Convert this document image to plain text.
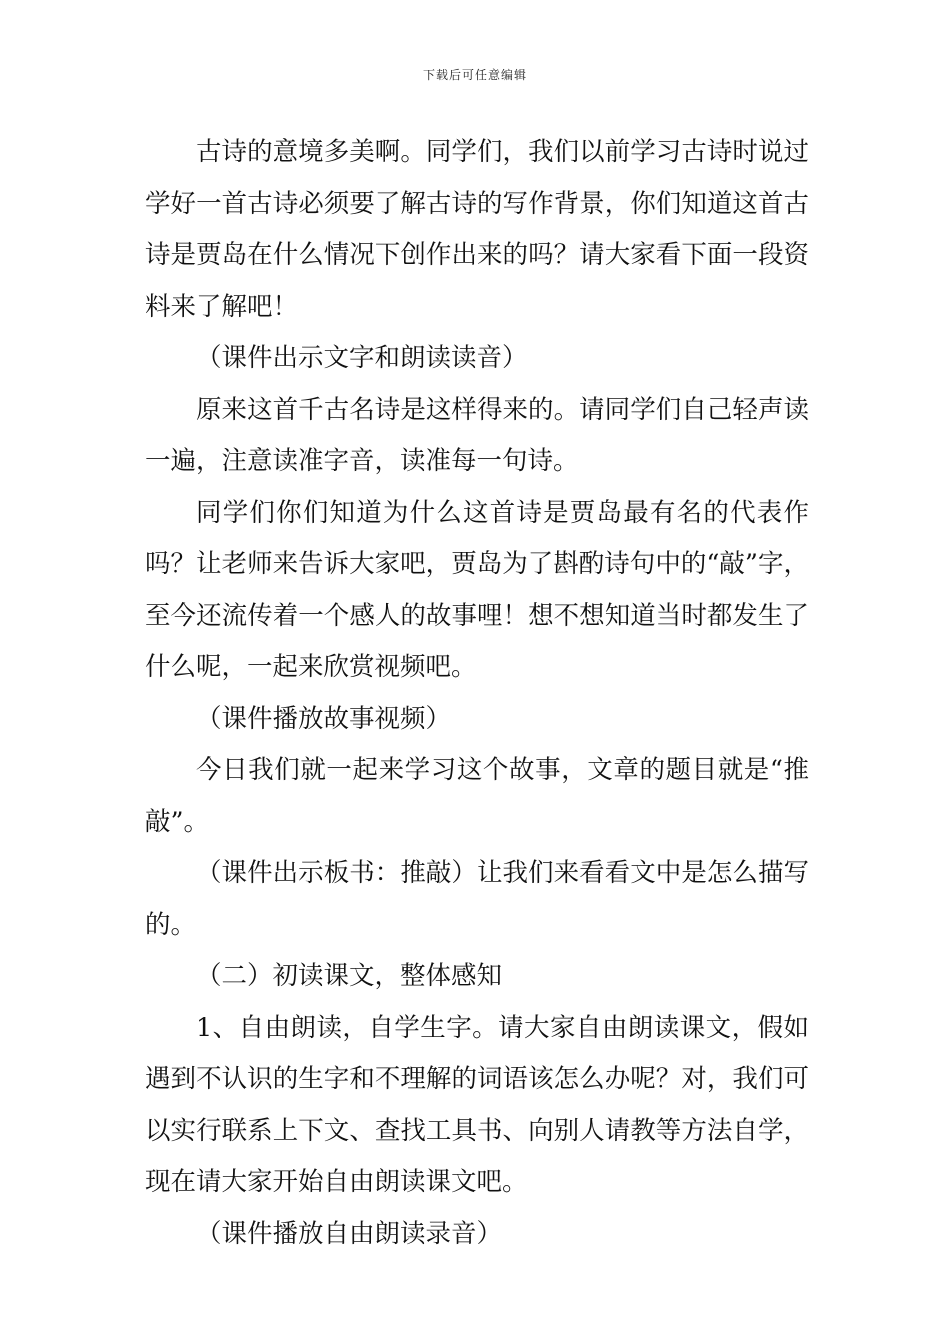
下载后可任意编辑

古诗的意境多美啊。同学们，我们以前学习古诗时说过学好一首古诗必须要了解古诗的写作背景，你们知道这首古诗是贾岛在什么情况下创作出来的吗？请大家看下面一段资料来了解吧！

（课件出示文字和朗读读音）

原来这首千古名诗是这样得来的。请同学们自己轻声读一遍，注意读准字音，读准每一句诗。

同学们你们知道为什么这首诗是贾岛最有名的代表作吗？让老师来告诉大家吧，贾岛为了斟酌诗句中的“敲”字，至今还流传着一个感人的故事哩！想不想知道当时都发生了什么呢，一起来欣赏视频吧。

（课件播放故事视频）

今日我们就一起来学习这个故事，文章的题目就是“推敲”。

（课件出示板书：推敲）让我们来看看文中是怎么描写的。

（二）初读课文，整体感知

1、自由朗读，自学生字。请大家自由朗读课文，假如遇到不认识的生字和不理解的词语该怎么办呢？对，我们可以实行联系上下文、查找工具书、向别人请教等方法自学，现在请大家开始自由朗读课文吧。

（课件播放自由朗读录音）
